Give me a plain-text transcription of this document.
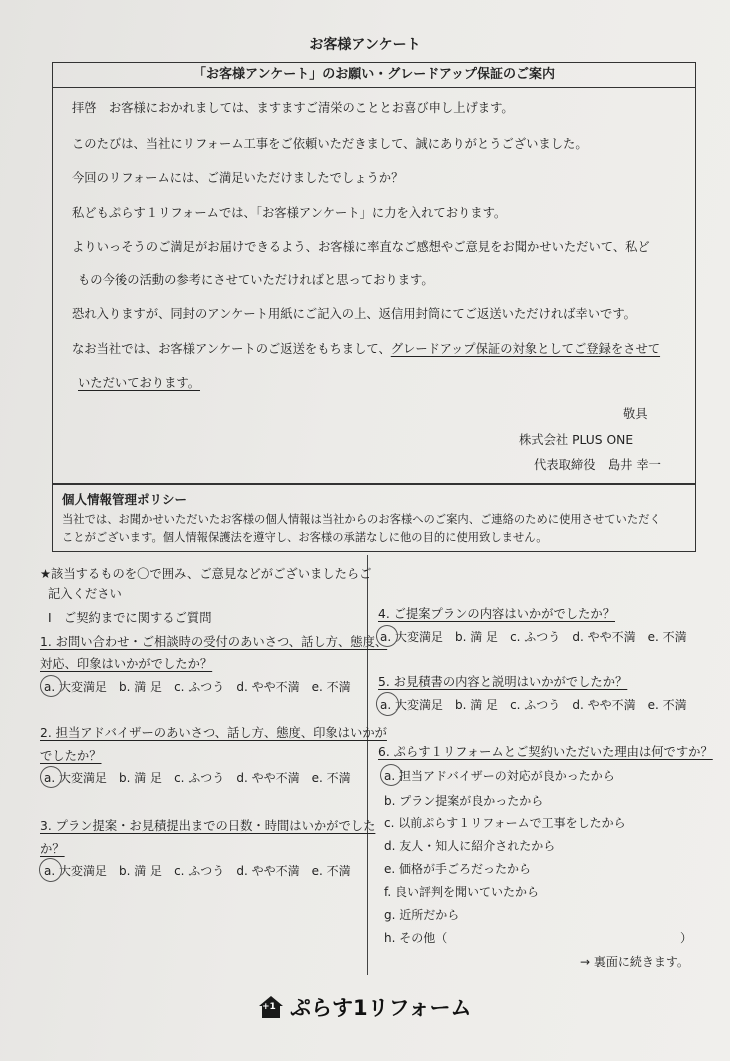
お客様アンケート
「お客様アンケート」のお願い・グレードアップ保証のご案内
拝啓　お客様におかれましては、ますますご清栄のこととお喜び申し上げます。
このたびは、当社にリフォーム工事をご依頼いただきまして、誠にありがとうございました。
今回のリフォームには、ご満足いただけましたでしょうか？
私どもぷらす１リフォームでは、「お客様アンケート」に力を入れております。
よりいっそうのご満足がお届けできるよう、お客様に率直なご感想やご意見をお聞かせいただいて、私ど
もの今後の活動の参考にさせていただければと思っております。
恐れ入りますが、同封のアンケート用紙にご記入の上、返信用封筒にてご返送いただければ幸いです。
なお当社では、お客様アンケートのご返送をもちまして、グレードアップ保証の対象としてご登録をさせて
いただいております。
敬具
株式会社 PLUS ONE
代表取締役　 島井 幸一
個人情報管理ポリシー
当社では、お聞かせいただいたお客様の個人情報は当社からのお客様へのご案内、ご連絡のために使用させていただく
ことがございます。個人情報保護法を遵守し、お客様の承諾なしに他の目的に使用致しません。
★該当するものを〇で囲み、ご意見などがございましたらご
記入ください
Ⅰ　ご契約までに関するご質問
1. お問い合わせ・ご相談時の受付のあいさつ、話し方、態度、
対応、印象はいかがでしたか？
a. 大変満足　 b. 満 足　 c. ふつう　 d. やや不満　 e. 不満
2. 担当アドバイザーのあいさつ、話し方、態度、印象はいかが
でしたか？
a. 大変満足　 b. 満 足　 c. ふつう　 d. やや不満　 e. 不満
3. プラン提案・お見積提出までの日数・時間はいかがでした
か？
a. 大変満足　 b. 満 足　 c. ふつう　 d. やや不満　 e. 不満
4. ご提案プランの内容はいかがでしたか？
a. 大変満足　 b. 満 足　 c. ふつう　 d. やや不満　 e. 不満
5. お見積書の内容と説明はいかがでしたか？
a. 大変満足　 b. 満 足　 c. ふつう　 d. やや不満　 e. 不満
6. ぷらす１リフォームとご契約いただいた理由は何ですか？
a. 担当アドバイザーの対応が良かったから
b. プラン提案が良かったから
c. 以前ぷらす１リフォームで工事をしたから
d. 友人・知人に紹介されたから
e. 価格が手ごろだったから
f. 良い評判を聞いていたから
g. 近所だから
h. その他（	）
→ 裏面に続きます。
+1 ぷらす1リフォーム
